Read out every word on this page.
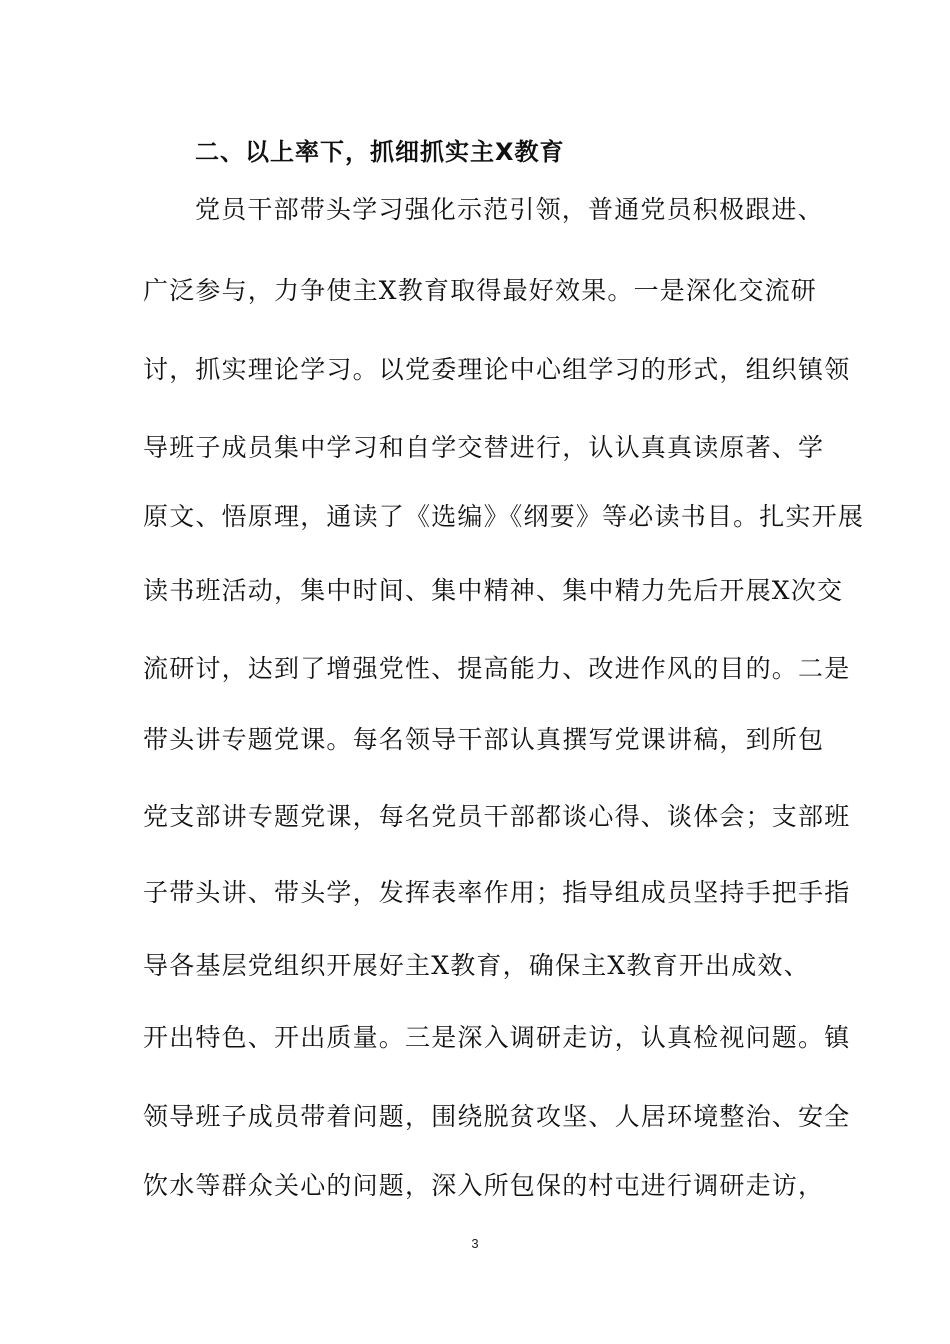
二、以上率下，抓细抓实主X教育
党员干部带头学习强化示范引领，普通党员积极跟进、
广泛参与，力争使主X教育取得最好效果。一是深化交流研
讨，抓实理论学习。以党委理论中心组学习的形式，组织镇领
导班子成员集中学习和自学交替进行，认认真真读原著、学
原文、悟原理，通读了《选编》《纲要》等必读书目。扎实开展
读书班活动，集中时间、集中精神、集中精力先后开展X次交
流研讨，达到了增强党性、提高能力、改进作风的目的。二是
带头讲专题党课。每名领导干部认真撰写党课讲稿，到所包
党支部讲专题党课，每名党员干部都谈心得、谈体会；支部班
子带头讲、带头学，发挥表率作用；指导组成员坚持手把手指
导各基层党组织开展好主X教育，确保主X教育开出成效、
开出特色、开出质量。三是深入调研走访，认真检视问题。镇
领导班子成员带着问题，围绕脱贫攻坚、人居环境整治、安全
饮水等群众关心的问题，深入所包保的村屯进行调研走访，
3
